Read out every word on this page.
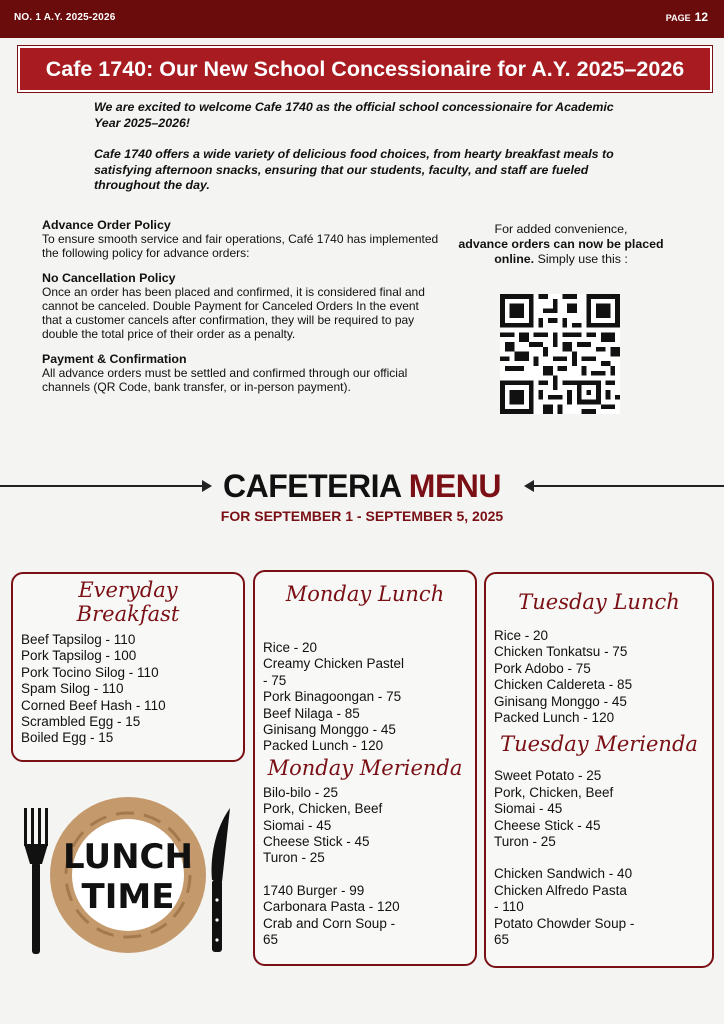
NO. 1 A.Y. 2025-2026	PAGE 12
Cafe 1740: Our New School Concessionaire for A.Y. 2025–2026

We are excited to welcome Cafe 1740 as the official school concessionaire for Academic Year 2025–2026!

Cafe 1740 offers a wide variety of delicious food choices, from hearty breakfast meals to satisfying afternoon snacks, ensuring that our students, faculty, and staff are fueled throughout the day.

Advance Order Policy

To ensure smooth service and fair operations, Café 1740 has implemented the following policy for advance orders:

No Cancellation Policy

Once an order has been placed and confirmed, it is considered final and cannot be canceled. Double Payment for Canceled Orders In the event that a customer cancels after confirmation, they will be required to pay double the total price of their order as a penalty.

Payment & Confirmation

All advance orders must be settled and confirmed through our official channels (QR Code, bank transfer, or in-person payment).

For added convenience,
advance orders can now be placed online. Simply use this :
CAFETERIA MENU
FOR SEPTEMBER 1 - SEPTEMBER 5, 2025
Everyday
Breakfast
Beef Tapsilog - 110
Pork Tapsilog - 100
Pork Tocino Silog - 110
Spam Silog - 110
Corned Beef Hash - 110
Scrambled Egg - 15
Boiled Egg - 15
Monday Lunch
Rice - 20
Creamy Chicken Pastel
- 75
Pork Binagoongan - 75
Beef Nilaga - 85
Ginisang Monggo - 45
Packed Lunch - 120
Monday Merienda
Bilo-bilo - 25
Pork, Chicken, Beef
Siomai - 45
Cheese Stick - 45
Turon - 25
1740 Burger - 99
Carbonara Pasta - 120
Crab and Corn Soup -
65
Tuesday Lunch
Rice - 20
Chicken Tonkatsu - 75
Pork Adobo - 75
Chicken Caldereta - 85
Ginisang Monggo - 45
Packed Lunch - 120
Tuesday Merienda
Sweet Potato - 25
Pork, Chicken, Beef
Siomai - 45
Cheese Stick - 45
Turon - 25
Chicken Sandwich - 40
Chicken Alfredo Pasta
- 110
Potato Chowder Soup -
65
LUNCH
TIME
